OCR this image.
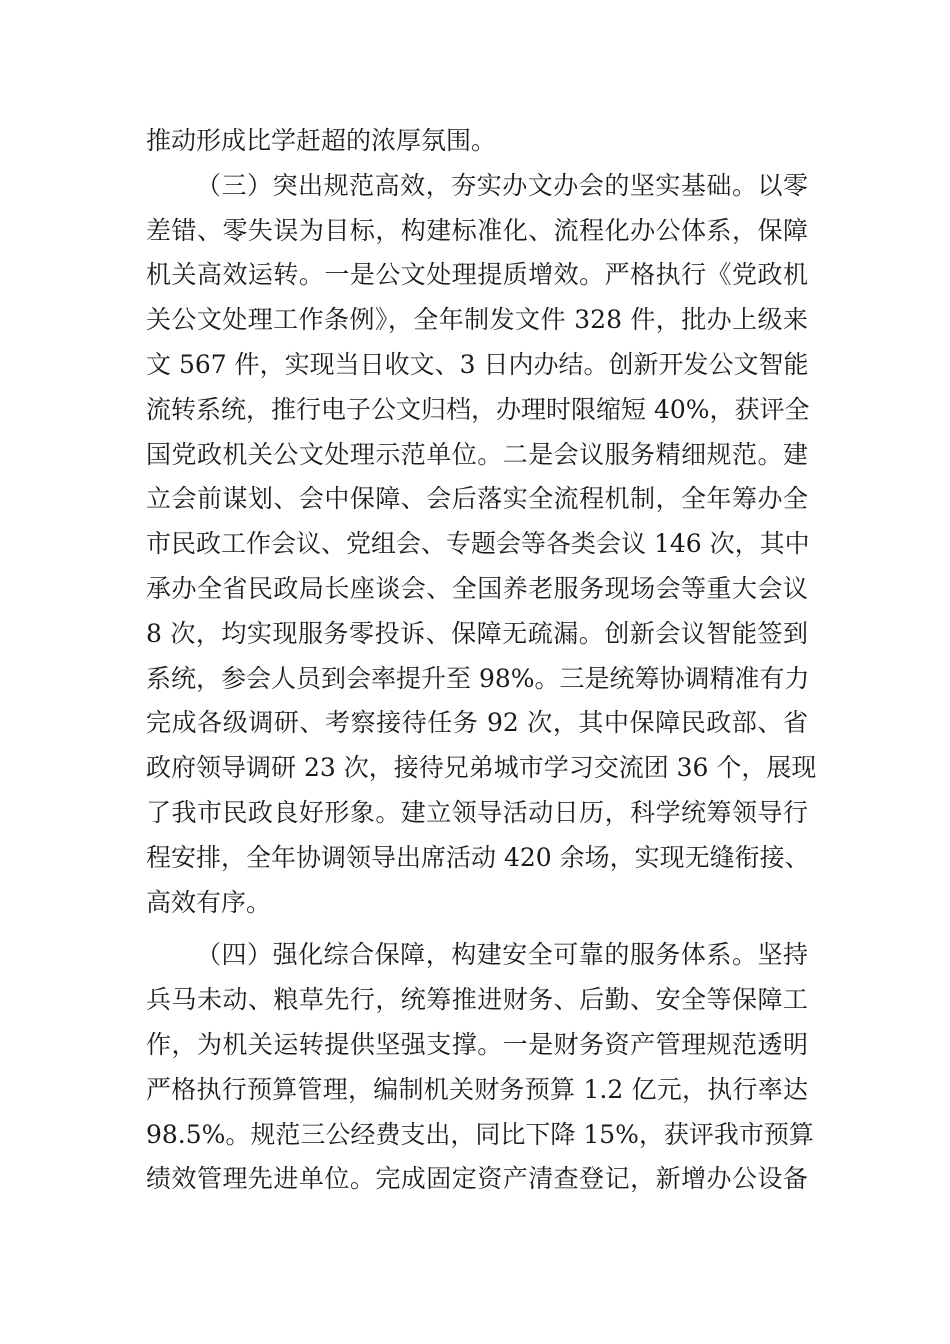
推动形成比学赶超的浓厚氛围。
（三）突出规范高效，夯实办文办会的坚实基础。以零
差错、零失误为目标，构建标准化、流程化办公体系，保障
机关高效运转。一是公文处理提质增效。严格执行《党政机
关公文处理工作条例》，全年制发文件 328 件，批办上级来
文 567 件，实现当日收文、3 日内办结。创新开发公文智能
流转系统，推行电子公文归档，办理时限缩短 40%，获评全
国党政机关公文处理示范单位。二是会议服务精细规范。建
立会前谋划、会中保障、会后落实全流程机制，全年筹办全
市民政工作会议、党组会、专题会等各类会议 146 次，其中
承办全省民政局长座谈会、全国养老服务现场会等重大会议
8 次，均实现服务零投诉、保障无疏漏。创新会议智能签到
系统，参会人员到会率提升至 98%。三是统筹协调精准有力
完成各级调研、考察接待任务 92 次，其中保障民政部、省
政府领导调研 23 次，接待兄弟城市学习交流团 36 个，展现
了我市民政良好形象。建立领导活动日历，科学统筹领导行
程安排，全年协调领导出席活动 420 余场，实现无缝衔接、
高效有序。
（四）强化综合保障，构建安全可靠的服务体系。坚持
兵马未动、粮草先行，统筹推进财务、后勤、安全等保障工
作，为机关运转提供坚强支撑。一是财务资产管理规范透明
严格执行预算管理，编制机关财务预算 1.2 亿元，执行率达
98.5%。规范三公经费支出，同比下降 15%，获评我市预算
绩效管理先进单位。完成固定资产清查登记，新增办公设备
